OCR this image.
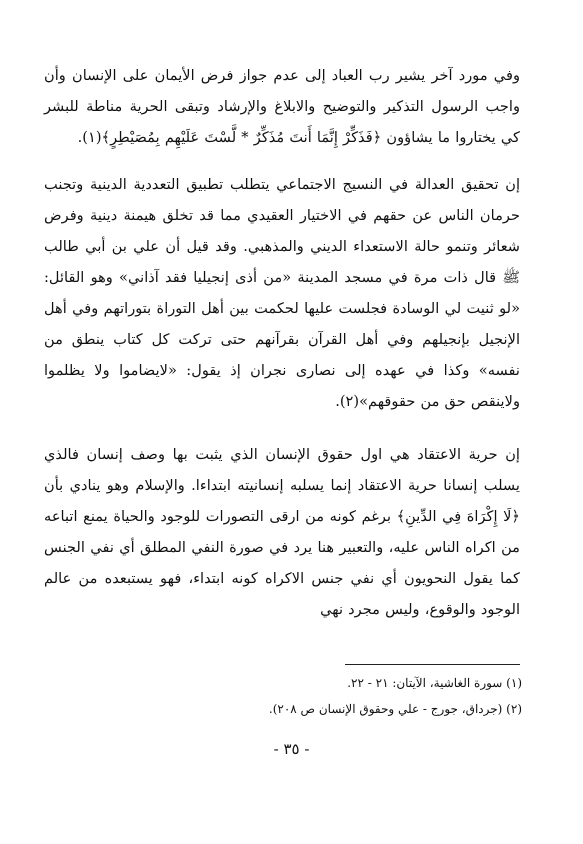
وفي مورد آخر يشير رب العباد إلى عدم جواز فرض الأيمان على الإنسان وأن واجب الرسول التذكير والتوضيح والابلاغ والإرشاد وتبقى الحرية مناطة للبشر كي يختاروا ما يشاؤون ﴿فَذَكِّرْ إِنَّمَا أَنتَ مُذَكِّرٌ * لَّسْتَ عَلَيْهِم بِمُصَيْطِرٍ﴾(١).

إن تحقيق العدالة في النسيج الاجتماعي يتطلب تطبيق التعددية الدينية وتجنب حرمان الناس عن حقهم في الاختيار العقيدي مما قد تخلق هيمنة دينية وفرض شعائر وتنمو حالة الاستعداء الديني والمذهبي. وقد قيل أن علي بن أبي طالب ﷺ قال ذات مرة في مسجد المدينة «من أذى إنجيليا فقد آذاني» وهو القائل: «لو ثنيت لي الوسادة فجلست عليها لحكمت بين أهل التوراة بتوراتهم وفي أهل الإنجيل بإنجيلهم وفي أهل القرآن بقرآنهم حتى تركت كل كتاب ينطق من نفسه» وكذا في عهده إلى نصارى نجران إذ يقول: «لايضاموا ولا يظلموا ولاينقص حق من حقوقهم»(٢).

إن حرية الاعتقاد هي اول حقوق الإنسان الذي يثبت بها وصف إنسان فالذي يسلب إنسانا حرية الاعتقاد إنما يسلبه إنسانيته ابتداءا. والإسلام وهو ينادي بأن ﴿لَا إِكْرَاهَ فِي الدِّينِ﴾ برغم كونه من ارقى التصورات للوجود والحياة يمنع اتباعه من اكراه الناس عليه، والتعبير هنا يرد في صورة النفي المطلق أي نفي الجنس كما يقول النحويون أي نفي جنس الاكراه كونه ابتداء، فهو يستبعده من عالم الوجود والوقوع، وليس مجرد نهي

(١) سورة الغاشية، الآيتان: ٢١ - ٢٢.
(٢) (جرداق، جورج - علي وحقوق الإنسان ص ٢٠٨).
- ٣٥ -
